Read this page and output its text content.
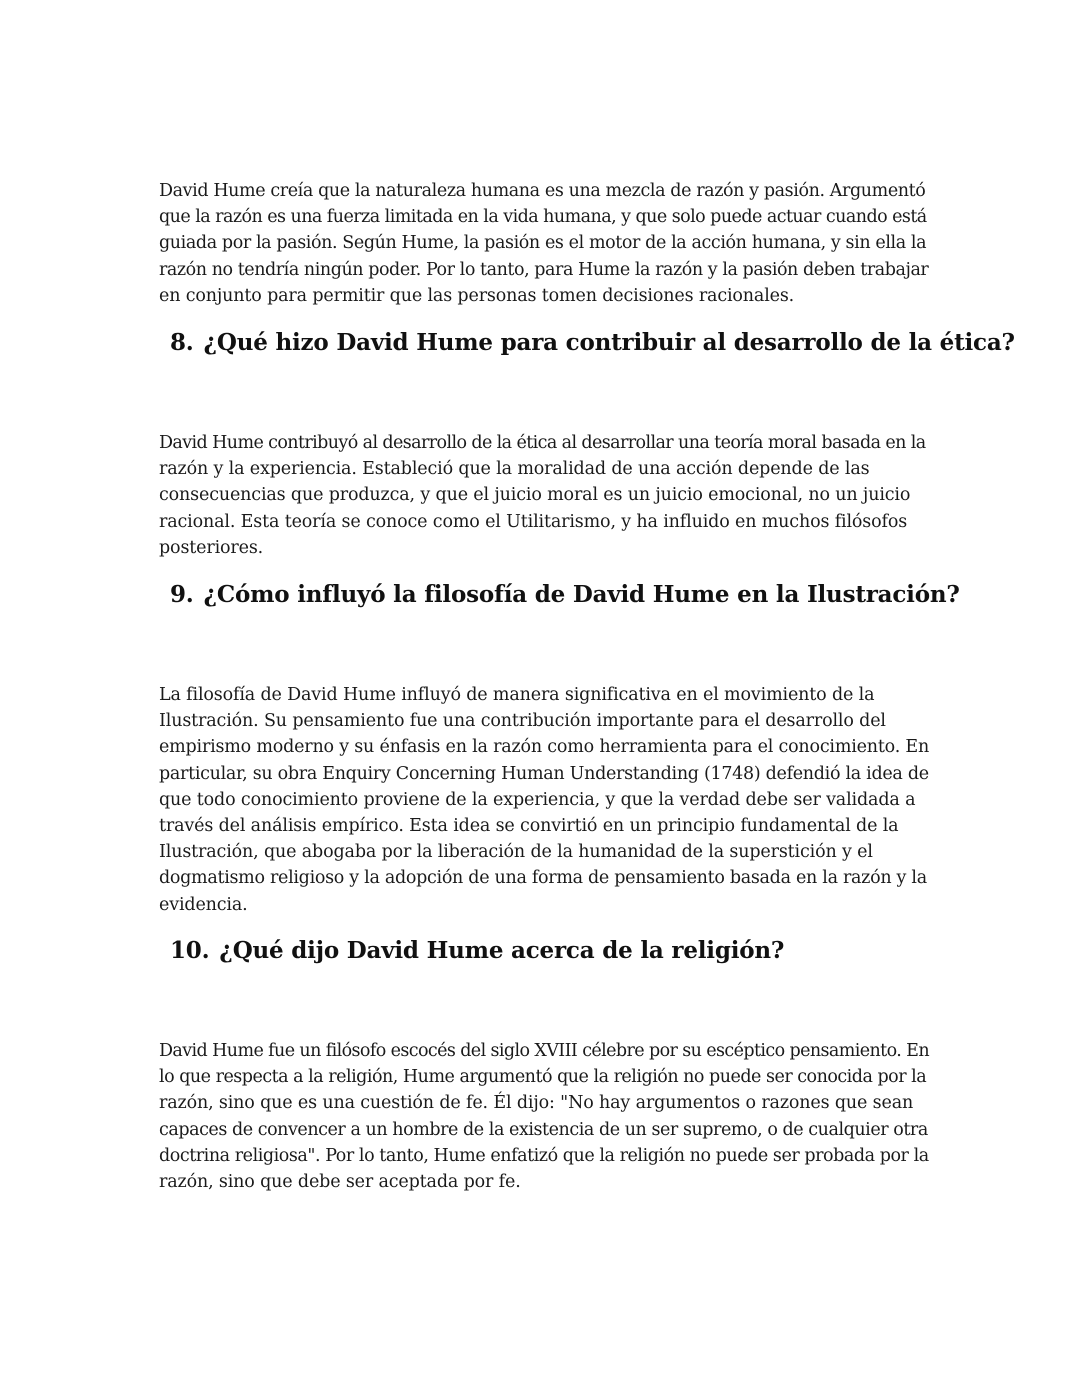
David Hume creía que la naturaleza humana es una mezcla de razón y pasión. Argumentó
que la razón es una fuerza limitada en la vida humana, y que solo puede actuar cuando está
guiada por la pasión. Según Hume, la pasión es el motor de la acción humana, y sin ella la
razón no tendría ningún poder. Por lo tanto, para Hume la razón y la pasión deben trabajar
en conjunto para permitir que las personas tomen decisiones racionales.

8. ¿Qué hizo David Hume para contribuir al desarrollo de la ética?

David Hume contribuyó al desarrollo de la ética al desarrollar una teoría moral basada en la
razón y la experiencia. Estableció que la moralidad de una acción depende de las
consecuencias que produzca, y que el juicio moral es un juicio emocional, no un juicio
racional. Esta teoría se conoce como el Utilitarismo, y ha influido en muchos filósofos
posteriores.

9. ¿Cómo influyó la filosofía de David Hume en la Ilustración?

La filosofía de David Hume influyó de manera significativa en el movimiento de la
Ilustración. Su pensamiento fue una contribución importante para el desarrollo del
empirismo moderno y su énfasis en la razón como herramienta para el conocimiento. En
particular, su obra Enquiry Concerning Human Understanding (1748) defendió la idea de
que todo conocimiento proviene de la experiencia, y que la verdad debe ser validada a
través del análisis empírico. Esta idea se convirtió en un principio fundamental de la
Ilustración, que abogaba por la liberación de la humanidad de la superstición y el
dogmatismo religioso y la adopción de una forma de pensamiento basada en la razón y la
evidencia.

10. ¿Qué dijo David Hume acerca de la religión?

David Hume fue un filósofo escocés del siglo XVIII célebre por su escéptico pensamiento. En
lo que respecta a la religión, Hume argumentó que la religión no puede ser conocida por la
razón, sino que es una cuestión de fe. Él dijo: "No hay argumentos o razones que sean
capaces de convencer a un hombre de la existencia de un ser supremo, o de cualquier otra
doctrina religiosa". Por lo tanto, Hume enfatizó que la religión no puede ser probada por la
razón, sino que debe ser aceptada por fe.
